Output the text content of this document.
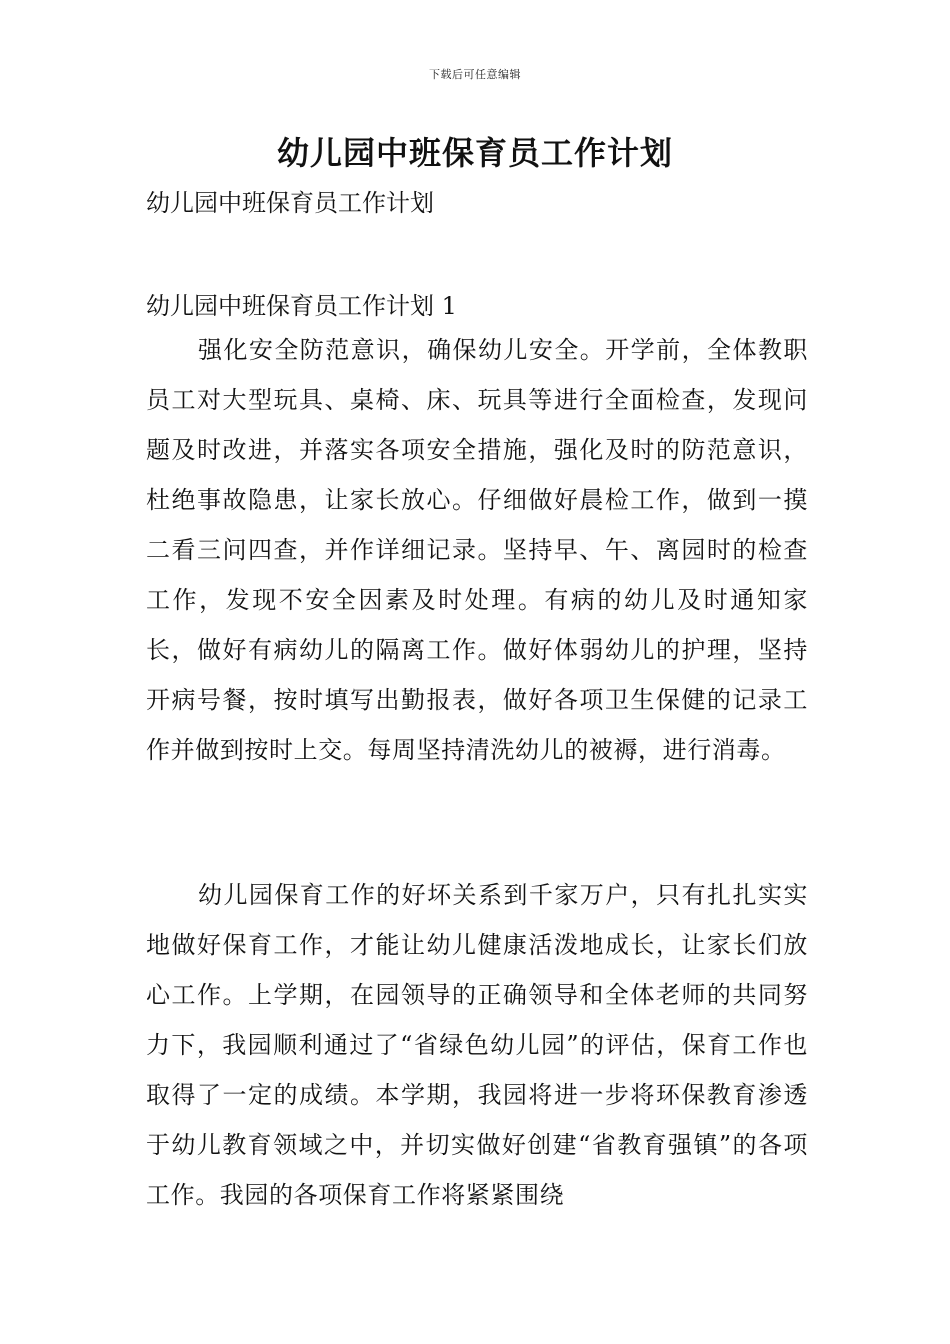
下载后可任意编辑
幼儿园中班保育员工作计划

幼儿园中班保育员工作计划

幼儿园中班保育员工作计划 1

强化安全防范意识，确保幼儿安全。开学前，全体教职员工对大型玩具、桌椅、床、玩具等进行全面检查，发现问题及时改进，并落实各项安全措施，强化及时的防范意识，杜绝事故隐患，让家长放心。仔细做好晨检工作，做到一摸二看三问四查，并作详细记录。坚持早、午、离园时的检查工作，发现不安全因素及时处理。有病的幼儿及时通知家长，做好有病幼儿的隔离工作。做好体弱幼儿的护理，坚持开病号餐，按时填写出勤报表，做好各项卫生保健的记录工作并做到按时上交。每周坚持清洗幼儿的被褥，进行消毒。

幼儿园保育工作的好坏关系到千家万户，只有扎扎实实地做好保育工作，才能让幼儿健康活泼地成长，让家长们放心工作。上学期，在园领导的正确领导和全体老师的共同努力下，我园顺利通过了“省绿色幼儿园”的评估，保育工作也取得了一定的成绩。本学期，我园将进一步将环保教育渗透于幼儿教育领域之中，并切实做好创建“省教育强镇”的各项工作。我园的各项保育工作将紧紧围绕
